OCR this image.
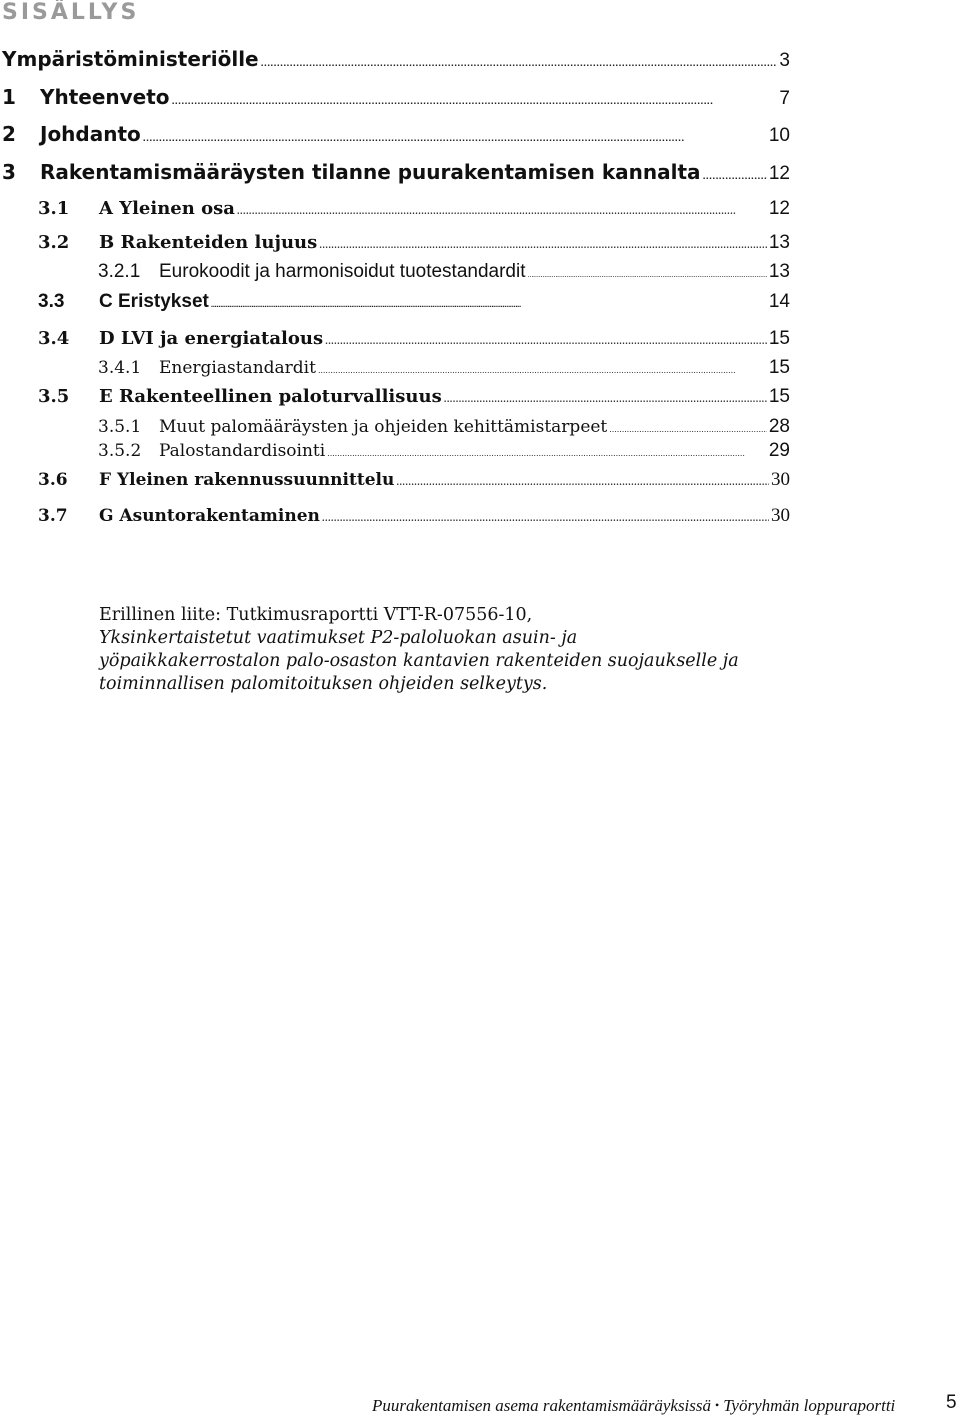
SISÄLLYS
Ympäristöministeriölle . . .	3
1	Yhteenveto . . .	7
2	Johdanto . . .	10
3	Rakentamismääräysten tilanne puurakentamisen kannalta . . .	12
3.1	A Yleinen osa . . .	12
3.2	B Rakenteiden lujuus . . .	13
3.2.1 Eurokoodit ja harmonisoidut tuotestandardit . . .	13
3.3	C Eristykset . . .	14
3.4	D LVI ja energiatalous . . .	15
3.4.1	Energiastandardit . . .	15
3.5	E Rakenteellinen paloturvallisuus . . .	15
3.5.1	Muut palomääräysten ja ohjeiden kehittämistarpeet . . .	28
3.5.2	Palostandardisointi . . .	29
3.6	F Yleinen rakennussuunnittelu . . .	30
3.7	G Asuntorakentaminen . . .	30
Erillinen liite: Tutkimusraportti VTT-R-07556-10,
Yksinkertaistetut vaatimukset P2-paloluokan asuin- ja yöpaikkakerrostalon palo-osaston kantavien rakenteiden suojaukselle ja toiminnallisen palomitoituksen ohjeiden selkeytys.
Puurakentamisen asema rakentamismääräyksissä • Työryhmän loppuraportti	5
